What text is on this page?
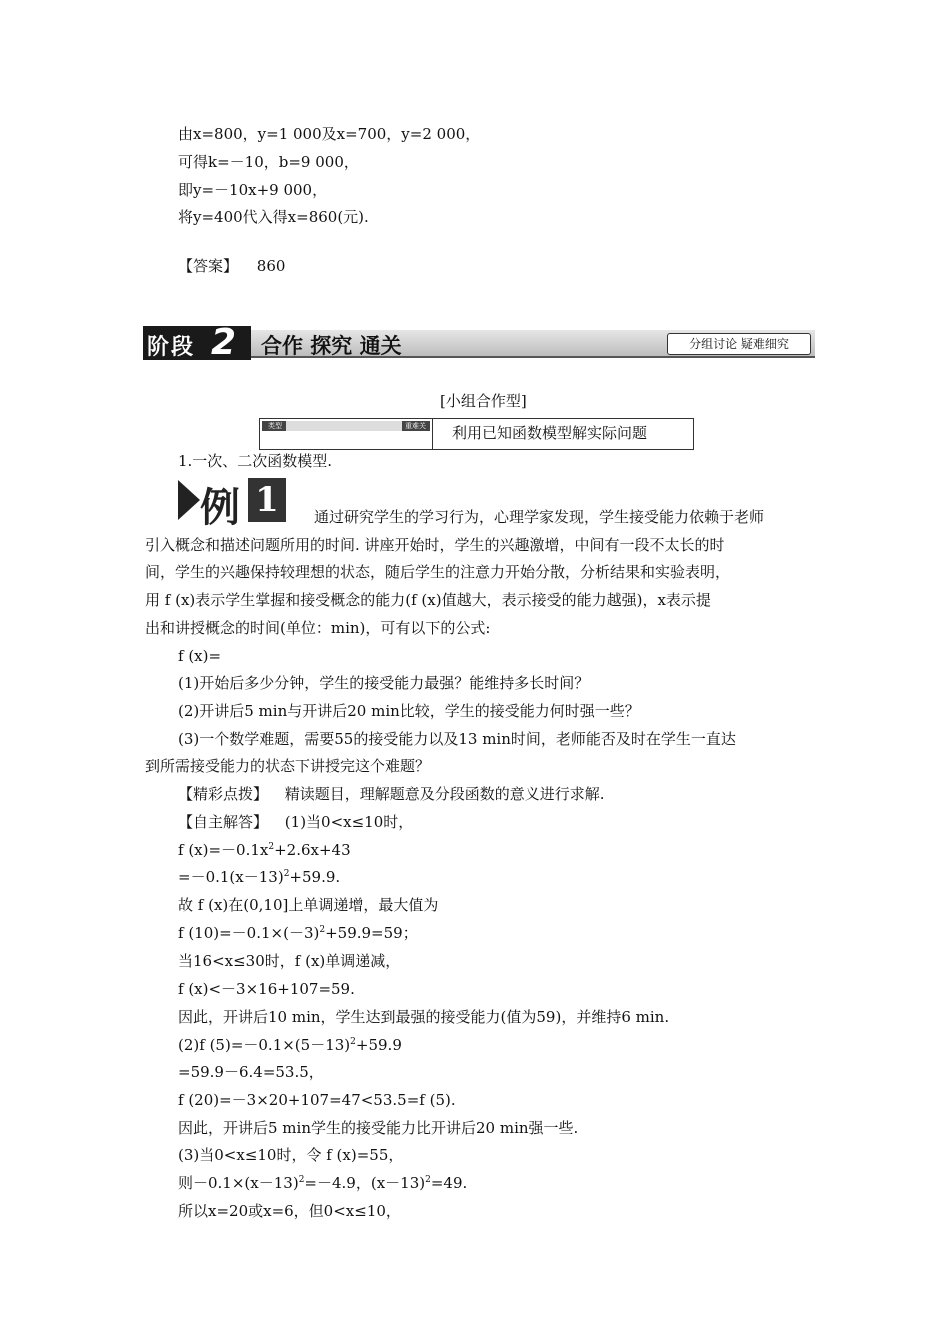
由x=800，y=1 000及x=700，y=2 000，
可得k=－10，b=9 000，
即y=－10x+9 000，
将y=400代入得x=860(元).
【答案】 860
阶段 2 合作 探究 通关	分组讨论 疑难细究
[小组合作型]
类型	重难关 利用已知函数模型解实际问题
1.一次、二次函数模型.
例 1	通过研究学生的学习行为，心理学家发现，学生接受能力依赖于老师
引入概念和描述问题所用的时间. 讲座开始时，学生的兴趣激增，中间有一段不太长的时
间，学生的兴趣保持较理想的状态，随后学生的注意力开始分散，分析结果和实验表明，
用 f (x)表示学生掌握和接受概念的能力(f (x)值越大，表示接受的能力越强)，x表示提
出和讲授概念的时间(单位：min)，可有以下的公式:
f (x)=
(1)开始后多少分钟，学生的接受能力最强？能维持多长时间？
(2)开讲后5 min与开讲后20 min比较，学生的接受能力何时强一些？
(3)一个数学难题，需要55的接受能力以及13 min时间，老师能否及时在学生一直达
到所需接受能力的状态下讲授完这个难题？
【精彩点拨】 精读题目，理解题意及分段函数的意义进行求解.
【自主解答】 (1)当0<x≤10时，
f $(x)=-0.1x^2+2.6x+43$
$=-0.1(x-13)^2+59.9$.
故 f (x)在(0,10]上单调递增，最大值为
f $(10)=-0.1\times(-3)^2+59.9=59$；
当16<x≤30时，f (x)单调递减，
f (x)<－3×16+107=59.
因此，开讲后10 min，学生达到最强的接受能力(值为59)，并维持6 min.
(2)f $(5)=-0.1\times(5-13)^2+59.9$
=59.9－6.4=53.5，
f (20)=－3×20+107=47<53.5=f (5).
因此，开讲后5 min学生的接受能力比开讲后20 min强一些.
(3)当0<x≤10时，令 f (x)=55，
则$-0.1\times(x-13)^2=-4.9$，$(x-13)^2=49$.
所以x=20或x=6，但0<x≤10，
